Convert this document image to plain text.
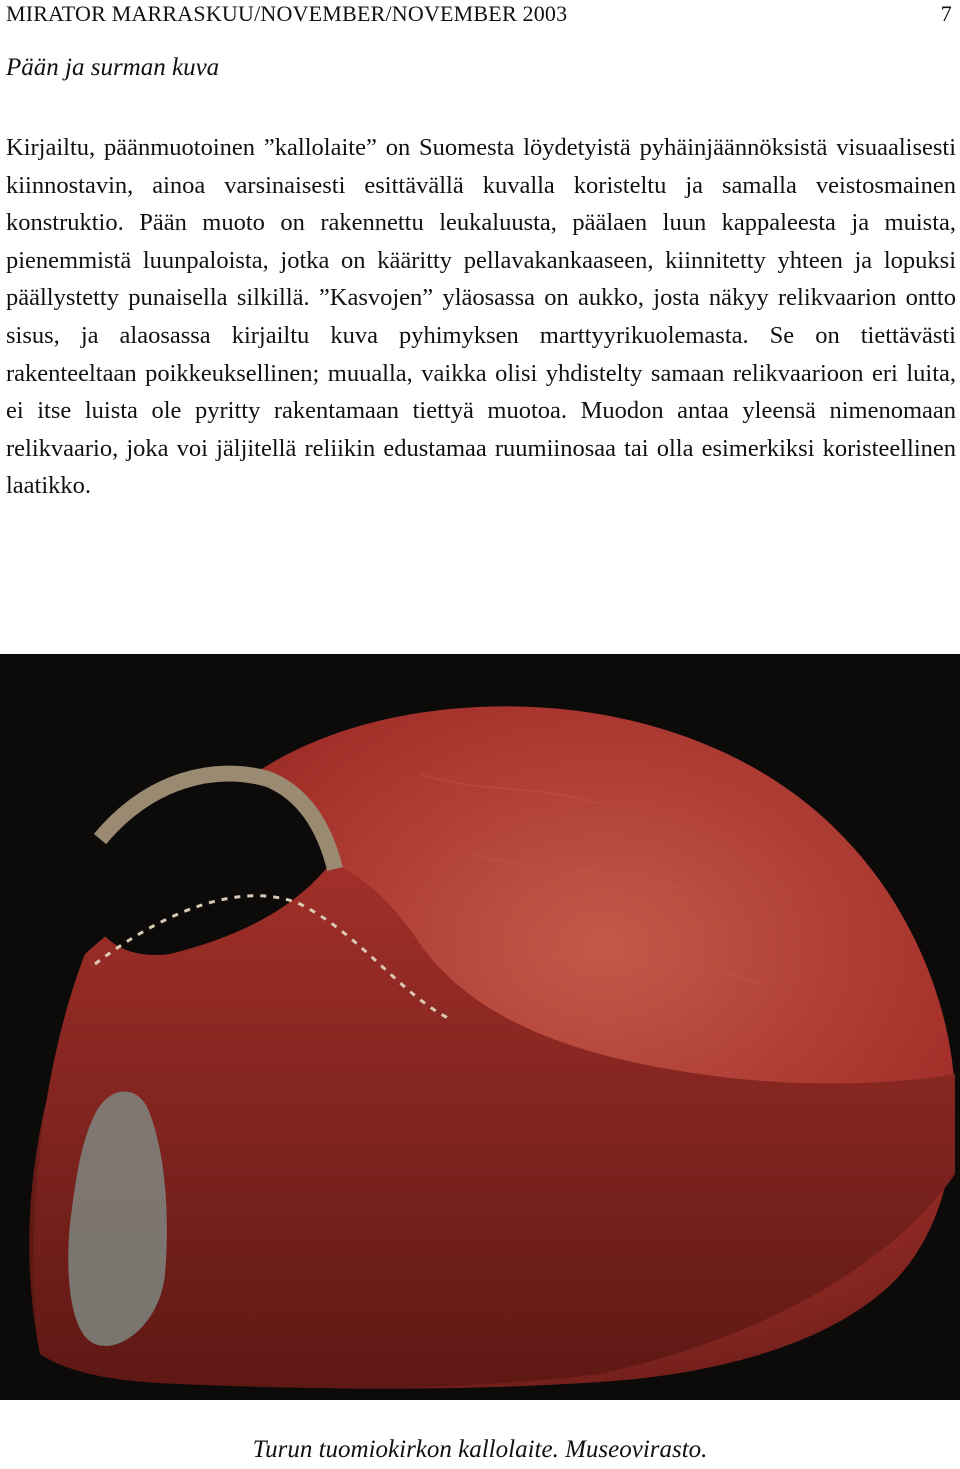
MIRATOR MARRASKUU/NOVEMBER/NOVEMBER 2003	7
Pään ja surman kuva

Kirjailtu, päänmuotoinen ”kallolaite” on Suomesta löydetyistä pyhäinjäännöksistä visuaalisesti kiinnostavin, ainoa varsinaisesti esittävällä kuvalla koristeltu ja samalla veistosmainen konstruktio. Pään muoto on rakennettu leukaluusta, päälaen luun kappaleesta ja muista, pienemmistä luunpaloista, jotka on kääritty pellavakankaaseen, kiinnitetty yhteen ja lopuksi päällystetty punaisella silkillä. ”Kasvojen” yläosassa on aukko, josta näkyy relikvaarion ontto sisus, ja alaosassa kirjailtu kuva pyhimyksen marttyyrikuolemasta. Se on tiettävästi rakenteeltaan poikkeuksellinen; muualla, vaikka olisi yhdistelty samaan relikvaarioon eri luita, ei itse luista ole pyritty rakentamaan tiettyä muotoa. Muodon antaa yleensä nimenomaan relikvaario, joka voi jäljitellä reliikin edustamaa ruumiinosaa tai olla esimerkiksi koristeellinen laatikko.

Turun tuomiokirkon kallolaite. Museovirasto.
